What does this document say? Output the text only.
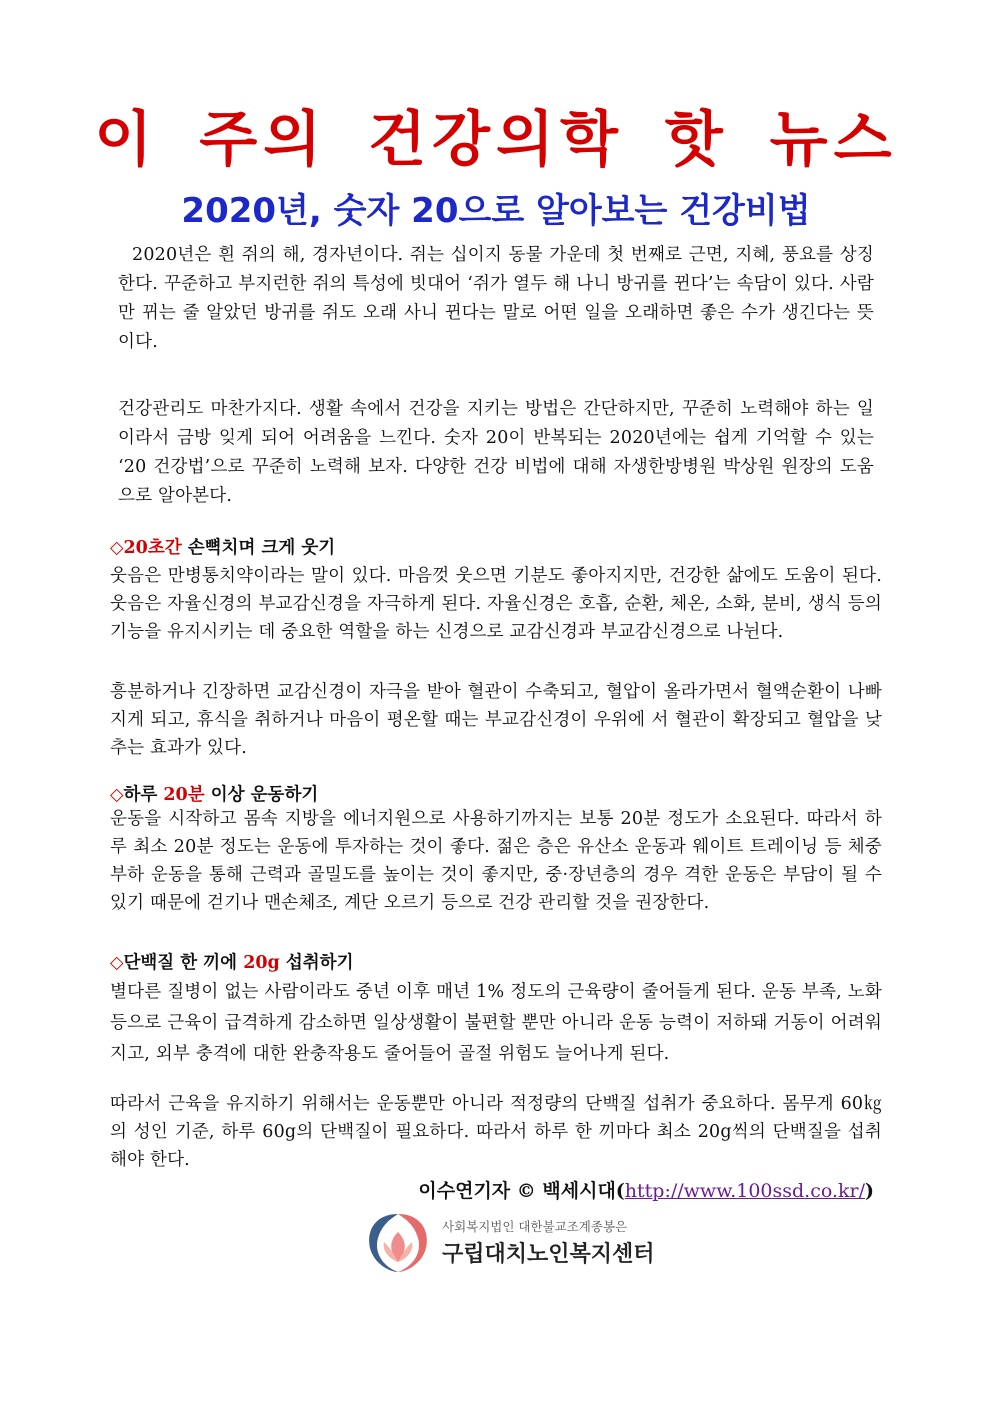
이 주의 건강의학 핫 뉴스
2020년, 숫자 20으로 알아보는 건강비법

2020년은 흰 쥐의 해, 경자년이다. 쥐는 십이지 동물 가운데 첫 번째로 근면, 지혜, 풍요를 상징한다. 꾸준하고 부지런한 쥐의 특성에 빗대어 ‘쥐가 열두 해 나니 방귀를 뀐다’는 속담이 있다. 사람만 뀌는 줄 알았던 방귀를 쥐도 오래 사니 뀐다는 말로 어떤 일을 오래하면 좋은 수가 생긴다는 뜻이다.

건강관리도 마찬가지다. 생활 속에서 건강을 지키는 방법은 간단하지만, 꾸준히 노력해야 하는 일이라서 금방 잊게 되어 어려움을 느낀다. 숫자 20이 반복되는 2020년에는 쉽게 기억할 수 있는 ‘20 건강법’으로 꾸준히 노력해 보자. 다양한 건강 비법에 대해 자생한방병원 박상원 원장의 도움으로 알아본다.

◇20초간 손뼉치며 크게 웃기

웃음은 만병통치약이라는 말이 있다. 마음껏 웃으면 기분도 좋아지지만, 건강한 삶에도 도움이 된다. 웃음은 자율신경의 부교감신경을 자극하게 된다. 자율신경은 호흡, 순환, 체온, 소화, 분비, 생식 등의 기능을 유지시키는 데 중요한 역할을 하는 신경으로 교감신경과 부교감신경으로 나뉜다.

흥분하거나 긴장하면 교감신경이 자극을 받아 혈관이 수축되고, 혈압이 올라가면서 혈액순환이 나빠지게 되고, 휴식을 취하거나 마음이 평온할 때는 부교감신경이 우위에 서 혈관이 확장되고 혈압을 낮추는 효과가 있다.

◇하루 20분 이상 운동하기

운동을 시작하고 몸속 지방을 에너지원으로 사용하기까지는 보통 20분 정도가 소요된다. 따라서 하루 최소 20분 정도는 운동에 투자하는 것이 좋다. 젊은 층은 유산소 운동과 웨이트 트레이닝 등 체중 부하 운동을 통해 근력과 골밀도를 높이는 것이 좋지만, 중·장년층의 경우 격한 운동은 부담이 될 수 있기 때문에 걷기나 맨손체조, 계단 오르기 등으로 건강 관리할 것을 권장한다.

◇단백질 한 끼에 20g 섭취하기

별다른 질병이 없는 사람이라도 중년 이후 매년 1% 정도의 근육량이 줄어들게 된다. 운동 부족, 노화 등으로 근육이 급격하게 감소하면 일상생활이 불편할 뿐만 아니라 운동 능력이 저하돼 거동이 어려워지고, 외부 충격에 대한 완충작용도 줄어들어 골절 위험도 늘어나게 된다.

따라서 근육을 유지하기 위해서는 운동뿐만 아니라 적정량의 단백질 섭취가 중요하다. 몸무게 60㎏의 성인 기준, 하루 60g의 단백질이 필요하다. 따라서 하루 한 끼마다 최소 20g씩의 단백질을 섭취해야 한다.

이수연기자 © 백세시대(http://www.100ssd.co.kr/)

사회복지법인 대한불교조계종봉은

구립대치노인복지센터
